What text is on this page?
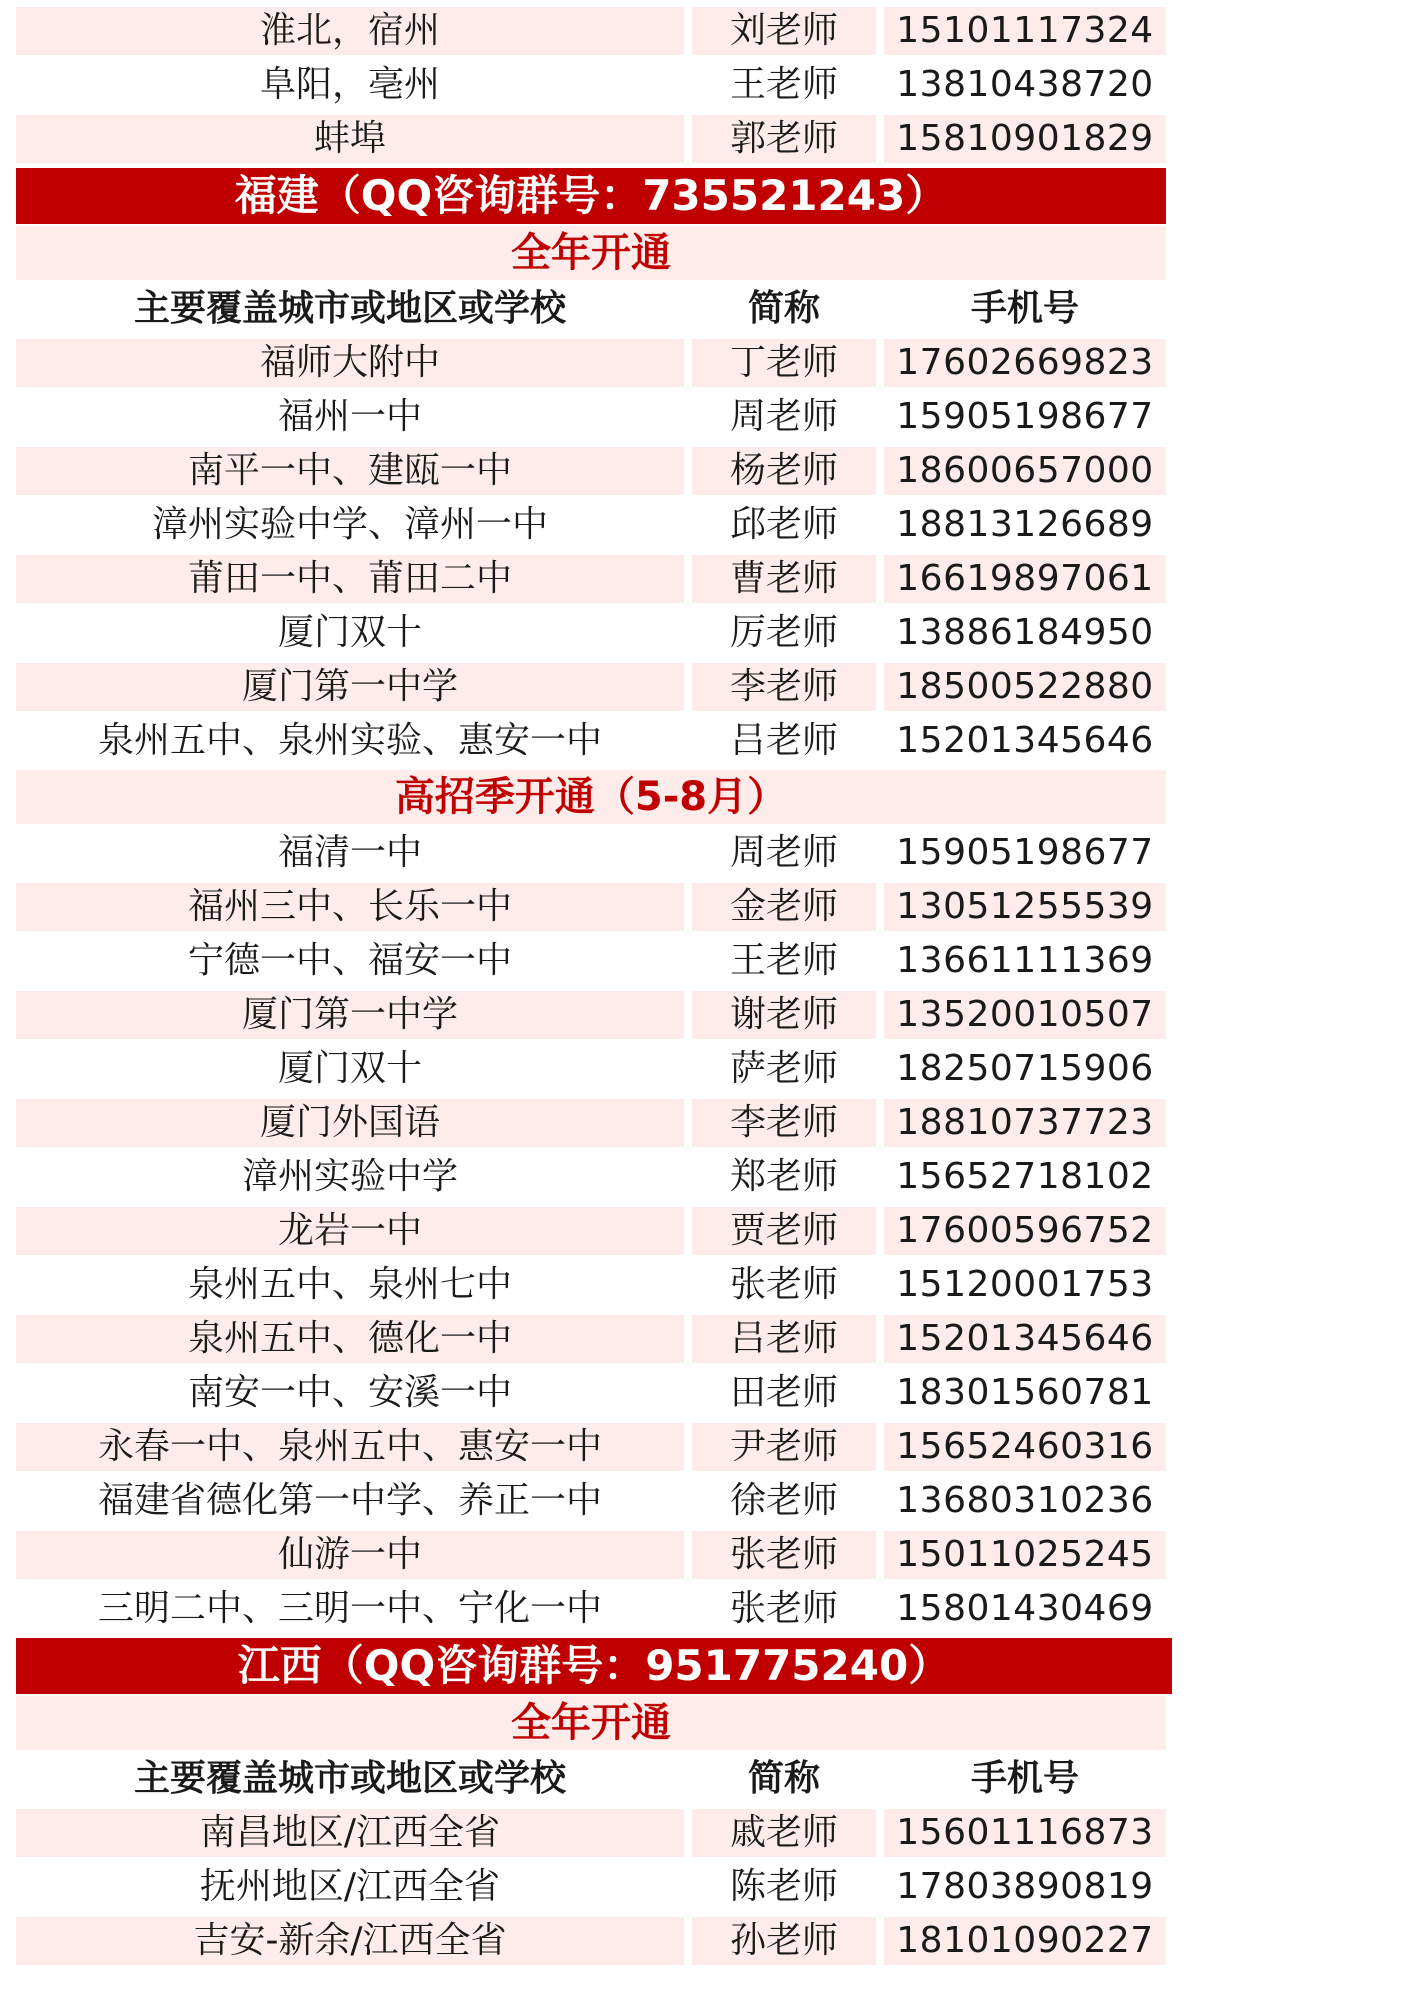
淮北，宿州	刘老师	15101117324
阜阳，亳州	王老师	13810438720
蚌埠	郭老师	15810901829
福建（QQ咨询群号：735521243）
全年开通
主要覆盖城市或地区或学校	简称	手机号
福师大附中	丁老师	17602669823
福州一中	周老师	15905198677
南平一中、建瓯一中	杨老师	18600657000
漳州实验中学、漳州一中	邱老师	18813126689
莆田一中、莆田二中	曹老师	16619897061
厦门双十	厉老师	13886184950
厦门第一中学	李老师	18500522880
泉州五中、泉州实验、惠安一中	吕老师	15201345646
高招季开通（5-8月）
福清一中	周老师	15905198677
福州三中、长乐一中	金老师	13051255539
宁德一中、福安一中	王老师	13661111369
厦门第一中学	谢老师	13520010507
厦门双十	萨老师	18250715906
厦门外国语	李老师	18810737723
漳州实验中学	郑老师	15652718102
龙岩一中	贾老师	17600596752
泉州五中、泉州七中	张老师	15120001753
泉州五中、德化一中	吕老师	15201345646
南安一中、安溪一中	田老师	18301560781
永春一中、泉州五中、惠安一中	尹老师	15652460316
福建省德化第一中学、养正一中	徐老师	13680310236
仙游一中	张老师	15011025245
三明二中、三明一中、宁化一中	张老师	15801430469
江西（QQ咨询群号：951775240）
全年开通
主要覆盖城市或地区或学校	简称	手机号
南昌地区/江西全省	戚老师	15601116873
抚州地区/江西全省	陈老师	17803890819
吉安-新余/江西全省	孙老师	18101090227
